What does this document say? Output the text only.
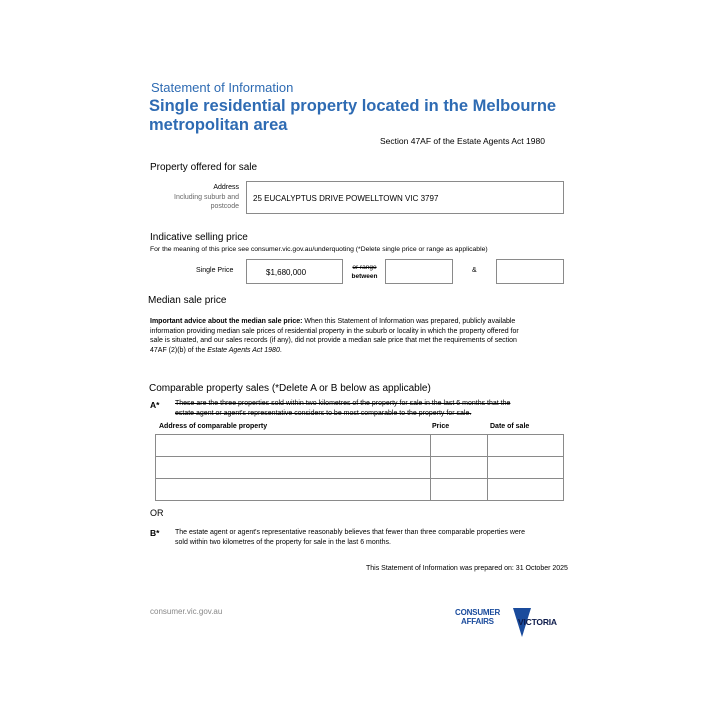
Statement of Information
Single residential property located in the Melbourne
metropolitan area
Section 47AF of the Estate Agents Act 1980
Property offered for sale
Address
Including suburb and
postcode
25 EUCALYPTUS DRIVE POWELLTOWN VIC 3797
Indicative selling price
For the meaning of this price see consumer.vic.gov.au/underquoting (*Delete single price or range as applicable)
Single Price	$1,680,000
or range
between
&
Median sale price
Important advice about the median sale price: When this Statement of Information was prepared, publicly available
information providing median sale prices of residential property in the suburb or locality in which the property offered for
sale is situated, and our sales records (if any), did not provide a median sale price that met the requirements of section
47AF (2)(b) of the Estate Agents Act 1980.
Comparable property sales (*Delete A or B below as applicable)
A* These are the three properties sold within two kilometres of the property for sale in the last 6 months that the
estate agent or agent's representative considers to be most comparable to the property for sale.
Address of comparable property	Price	Date of sale

OR
B* The estate agent or agent's representative reasonably believes that fewer than three comparable properties were
sold within two kilometres of the property for sale in the last 6 months.
This Statement of Information was prepared on: 31 October 2025
consumer.vic.gov.au	CONSUMER
AFFAIRS	VICTORIA
